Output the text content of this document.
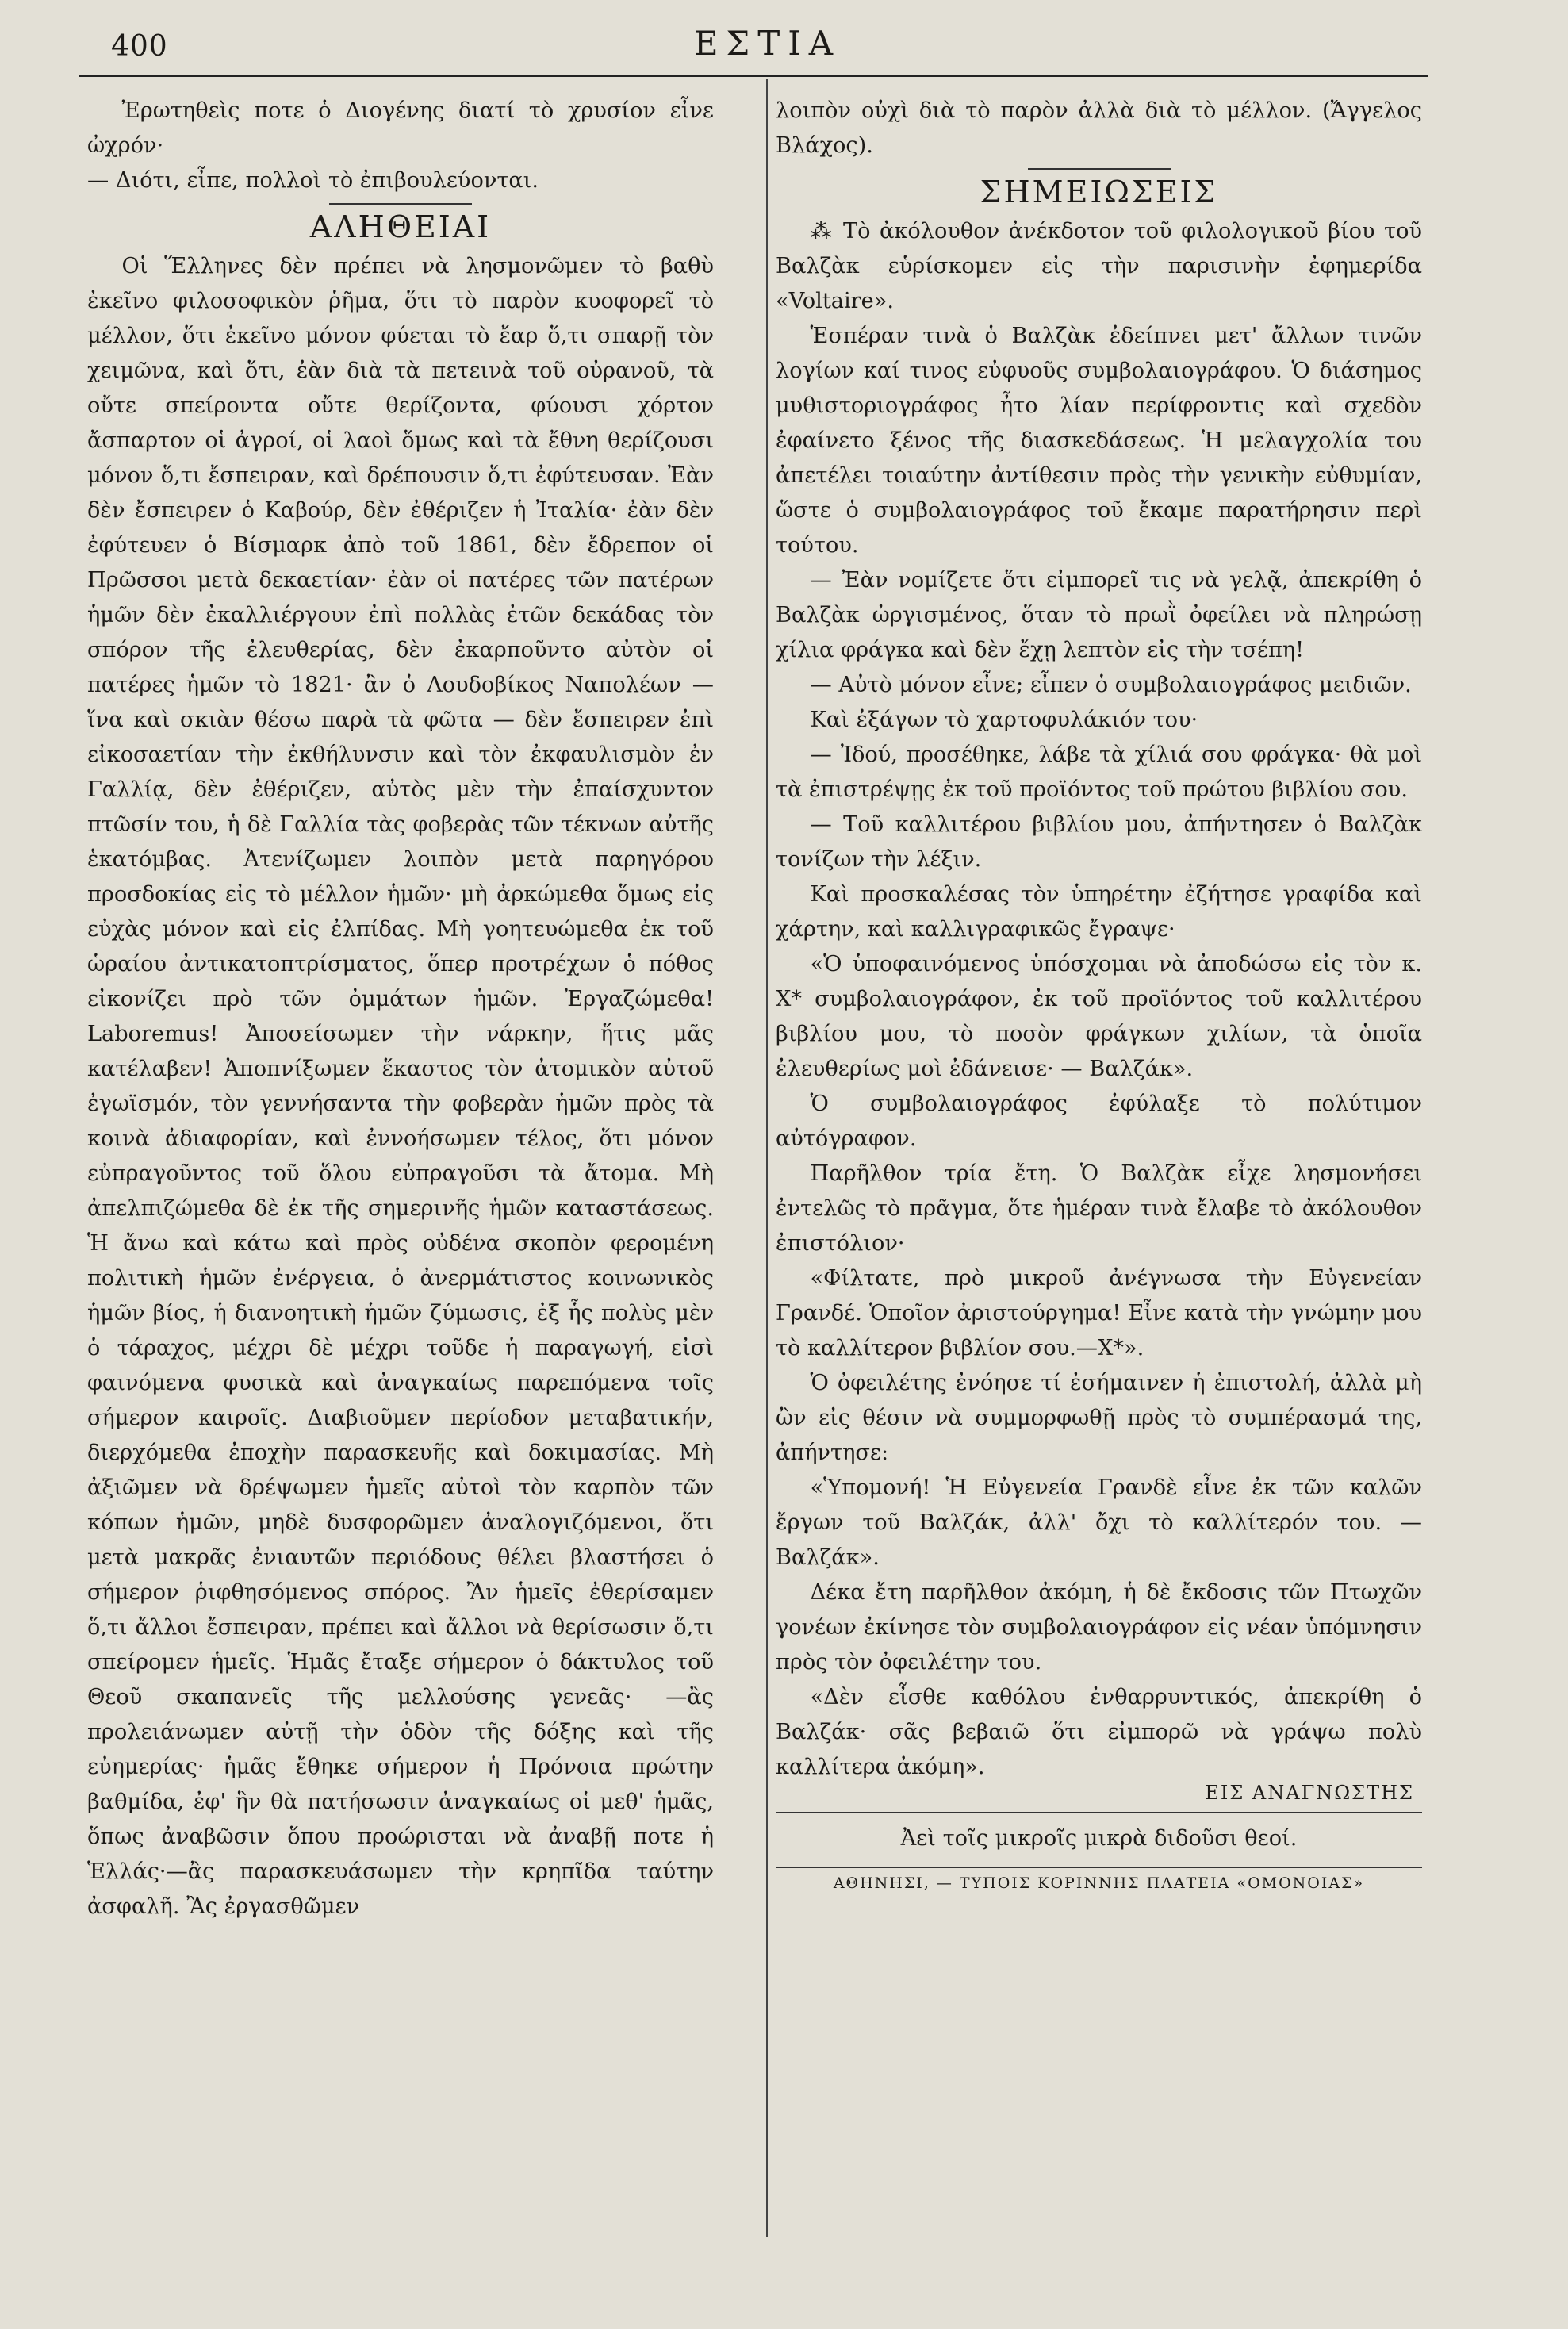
400	ΕΣΤΙΑ

Ἐρωτηθεὶς ποτε ὁ Διογένης διατί τὸ χρυσίον εἶνε ὠχρόν·
— Διότι, εἶπε, πολλοὶ τὸ ἐπιβουλεύονται.

ΑΛΗΘΕΙΑΙ

Οἱ Ἕλληνες δὲν πρέπει νὰ λησμονῶμεν τὸ βαθὺ ἐκεῖνο φιλοσοφικὸν ῥῆμα, ὅτι τὸ παρὸν κυοφορεῖ τὸ μέλλον, ὅτι ἐκεῖνο μόνον φύεται τὸ ἔαρ ὅ,τι σπαρῇ τὸν χειμῶνα, καὶ ὅτι, ἐὰν διὰ τὰ πετεινὰ τοῦ οὐρανοῦ, τὰ οὔτε σπείροντα οὔτε θερίζοντα, φύουσι χόρτον ἄσπαρτον οἱ ἀγροί, οἱ λαοὶ ὅμως καὶ τὰ ἔθνη θερίζουσι μόνον ὅ,τι ἔσπειραν, καὶ δρέπουσιν ὅ,τι ἐφύτευσαν. Ἐὰν δὲν ἔσπειρεν ὁ Καβούρ, δὲν ἐθέριζεν ἡ Ἰταλία· ἐὰν δὲν ἐφύτευεν ὁ Βίσμαρκ ἀπὸ τοῦ 1861, δὲν ἔδρεπον οἱ Πρῶσσοι μετὰ δεκαετίαν· ἐὰν οἱ πατέρες τῶν πατέρων ἡμῶν δὲν ἐκαλλιέργουν ἐπὶ πολλὰς ἐτῶν δεκάδας τὸν σπόρον τῆς ἐλευθερίας, δὲν ἐκαρποῦντο αὐτὸν οἱ πατέρες ἡμῶν τὸ 1821· ἂν ὁ Λουδοβίκος Ναπολέων — ἵνα καὶ σκιὰν θέσω παρὰ τὰ φῶτα — δὲν ἔσπειρεν ἐπὶ εἰκοσαετίαν τὴν ἐκθήλυνσιν καὶ τὸν ἐκφαυλισμὸν ἐν Γαλλίᾳ, δὲν ἐθέριζεν, αὐτὸς μὲν τὴν ἐπαίσχυντον πτῶσίν του, ἡ δὲ Γαλλία τὰς φοβερὰς τῶν τέκνων αὐτῆς ἑκατόμβας. Ἀτενίζωμεν λοιπὸν μετὰ παρηγόρου προσδοκίας εἰς τὸ μέλλον ἡμῶν· μὴ ἀρκώμεθα ὅμως εἰς εὐχὰς μόνον καὶ εἰς ἐλπίδας. Μὴ γοητευώμεθα ἐκ τοῦ ὡραίου ἀντικατοπτρίσματος, ὅπερ προτρέχων ὁ πόθος εἰκονίζει πρὸ τῶν ὀμμάτων ἡμῶν. Ἐργαζώμεθα! Laboremus! Ἀποσείσωμεν τὴν νάρκην, ἥτις μᾶς κατέλαβεν! Ἀποπνίξωμεν ἕκαστος τὸν ἀτομικὸν αὐτοῦ ἐγωϊσμόν, τὸν γεννήσαντα τὴν φοβερὰν ἡμῶν πρὸς τὰ κοινὰ ἀδιαφορίαν, καὶ ἐννοήσωμεν τέλος, ὅτι μόνον εὐπραγοῦντος τοῦ ὅλου εὐπραγοῦσι τὰ ἄτομα. Μὴ ἀπελπιζώμεθα δὲ ἐκ τῆς σημερινῆς ἡμῶν καταστάσεως. Ἡ ἄνω καὶ κάτω καὶ πρὸς οὐδένα σκοπὸν φερομένη πολιτικὴ ἡμῶν ἐνέργεια, ὁ ἀνερμάτιστος κοινωνικὸς ἡμῶν βίος, ἡ διανοητικὴ ἡμῶν ζύμωσις, ἐξ ἧς πολὺς μὲν ὁ τάραχος, μέχρι δὲ μέχρι τοῦδε ἡ παραγωγή, εἰσὶ φαινόμενα φυσικὰ καὶ ἀναγκαίως παρεπόμενα τοῖς σήμερον καιροῖς. Διαβιοῦμεν περίοδον μεταβατικήν, διερχόμεθα ἐποχὴν παρασκευῆς καὶ δοκιμασίας. Μὴ ἀξιῶμεν νὰ δρέψωμεν ἡμεῖς αὐτοὶ τὸν καρπὸν τῶν κόπων ἡμῶν, μηδὲ δυσφορῶμεν ἀναλογιζόμενοι, ὅτι μετὰ μακρᾶς ἐνιαυτῶν περιόδους θέλει βλαστήσει ὁ σήμερον ῥιφθησόμενος σπόρος. Ἂν ἡμεῖς ἐθερίσαμεν ὅ,τι ἄλλοι ἔσπειραν, πρέπει καὶ ἄλλοι νὰ θερίσωσιν ὅ,τι σπείρομεν ἡμεῖς. Ἡμᾶς ἔταξε σήμερον ὁ δάκτυλος τοῦ Θεοῦ σκαπανεῖς τῆς μελλούσης γενεᾶς· —ἂς προλειάνωμεν αὐτῇ τὴν ὁδὸν τῆς δόξης καὶ τῆς εὐημερίας· ἡμᾶς ἔθηκε σήμερον ἡ Πρόνοια πρώτην βαθμίδα, ἐφ' ἣν θὰ πατήσωσιν ἀναγκαίως οἱ μεθ' ἡμᾶς, ὅπως ἀναβῶσιν ὅπου προώρισται νὰ ἀναβῇ ποτε ἡ Ἑλλάς·—ἂς παρασκευάσωμεν τὴν κρηπῖδα ταύτην ἀσφαλῆ. Ἂς ἐργασθῶμεν

λοιπὸν οὐχὶ διὰ τὸ παρὸν ἀλλὰ διὰ τὸ μέλλον. (Ἄγγελος Βλάχος).

ΣΗΜΕΙΩΣΕΙΣ

⁂ Τὸ ἀκόλουθον ἀνέκδοτον τοῦ φιλολογικοῦ βίου τοῦ Βαλζὰκ εὑρίσκομεν εἰς τὴν παρισινὴν ἐφημερίδα «Voltaire».

Ἑσπέραν τινὰ ὁ Βαλζὰκ ἐδείπνει μετ' ἄλλων τινῶν λογίων καί τινος εὐφυοῦς συμβολαιογράφου. Ὁ διάσημος μυθιστοριογράφος ἦτο λίαν περίφροντις καὶ σχεδὸν ἐφαίνετο ξένος τῆς διασκεδάσεως. Ἡ μελαγχολία του ἀπετέλει τοιαύτην ἀντίθεσιν πρὸς τὴν γενικὴν εὐθυμίαν, ὥστε ὁ συμβολαιογράφος τοῦ ἔκαμε παρατήρησιν περὶ τούτου.

— Ἐὰν νομίζετε ὅτι εἰμπορεῖ τις νὰ γελᾷ, ἀπεκρίθη ὁ Βαλζὰκ ὠργισμένος, ὅταν τὸ πρωῒ ὀφείλει νὰ πληρώσῃ χίλια φράγκα καὶ δὲν ἔχῃ λεπτὸν εἰς τὴν τσέπη!

— Αὐτὸ μόνον εἶνε; εἶπεν ὁ συμβολαιογράφος μειδιῶν.

Καὶ ἐξάγων τὸ χαρτοφυλάκιόν του·

— Ἰδού, προσέθηκε, λάβε τὰ χίλιά σου φράγκα· θὰ μοὶ τὰ ἐπιστρέψῃς ἐκ τοῦ προϊόντος τοῦ πρώτου βιβλίου σου.

— Τοῦ καλλιτέρου βιβλίου μου, ἀπήντησεν ὁ Βαλζὰκ τονίζων τὴν λέξιν.

Καὶ προσκαλέσας τὸν ὑπηρέτην ἐζήτησε γραφίδα καὶ χάρτην, καὶ καλλιγραφικῶς ἔγραψε·

«Ὁ ὑποφαινόμενος ὑπόσχομαι νὰ ἀποδώσω εἰς τὸν κ. Χ* συμβολαιογράφον, ἐκ τοῦ προϊόντος τοῦ καλλιτέρου βιβλίου μου, τὸ ποσὸν φράγκων χιλίων, τὰ ὁποῖα ἐλευθερίως μοὶ ἐδάνεισε· — Βαλζάκ».

Ὁ συμβολαιογράφος ἐφύλαξε τὸ πολύτιμον αὐτόγραφον.

Παρῆλθον τρία ἔτη. Ὁ Βαλζὰκ εἶχε λησμονήσει ἐντελῶς τὸ πρᾶγμα, ὅτε ἡμέραν τινὰ ἔλαβε τὸ ἀκόλουθον ἐπιστόλιον·

«Φίλτατε, πρὸ μικροῦ ἀνέγνωσα τὴν Εὐγενείαν Γρανδέ. Ὁποῖον ἀριστούργημα! Εἶνε κατὰ τὴν γνώμην μου τὸ καλλίτερον βιβλίον σου.—Χ*».

Ὁ ὀφειλέτης ἐνόησε τί ἐσήμαινεν ἡ ἐπιστολή, ἀλλὰ μὴ ὢν εἰς θέσιν νὰ συμμορφωθῇ πρὸς τὸ συμπέρασμά της, ἀπήντησε:

«Ὑπομονή! Ἡ Εὐγενεία Γρανδὲ εἶνε ἐκ τῶν καλῶν ἔργων τοῦ Βαλζάκ, ἀλλ' ὄχι τὸ καλλίτερόν του. — Βαλζάκ».

Δέκα ἔτη παρῆλθον ἀκόμη, ἡ δὲ ἔκδοσις τῶν Πτωχῶν γονέων ἐκίνησε τὸν συμβολαιογράφον εἰς νέαν ὑπόμνησιν πρὸς τὸν ὀφειλέτην του.

«Δὲν εἶσθε καθόλου ἐνθαρρυντικός, ἀπεκρίθη ὁ Βαλζάκ· σᾶς βεβαιῶ ὅτι εἰμπορῶ νὰ γράψω πολὺ καλλίτερα ἀκόμη».

ΕΙΣ ΑΝΑΓΝΩΣΤΗΣ

Ἀεὶ τοῖς μικροῖς μικρὰ διδοῦσι θεοί.

ΑΘΗΝΗΣΙ, — ΤΥΠΟΙΣ ΚΟΡΙΝΝΗΣ ΠΛΑΤΕΙΑ «ΟΜΟΝΟΙΑΣ»
